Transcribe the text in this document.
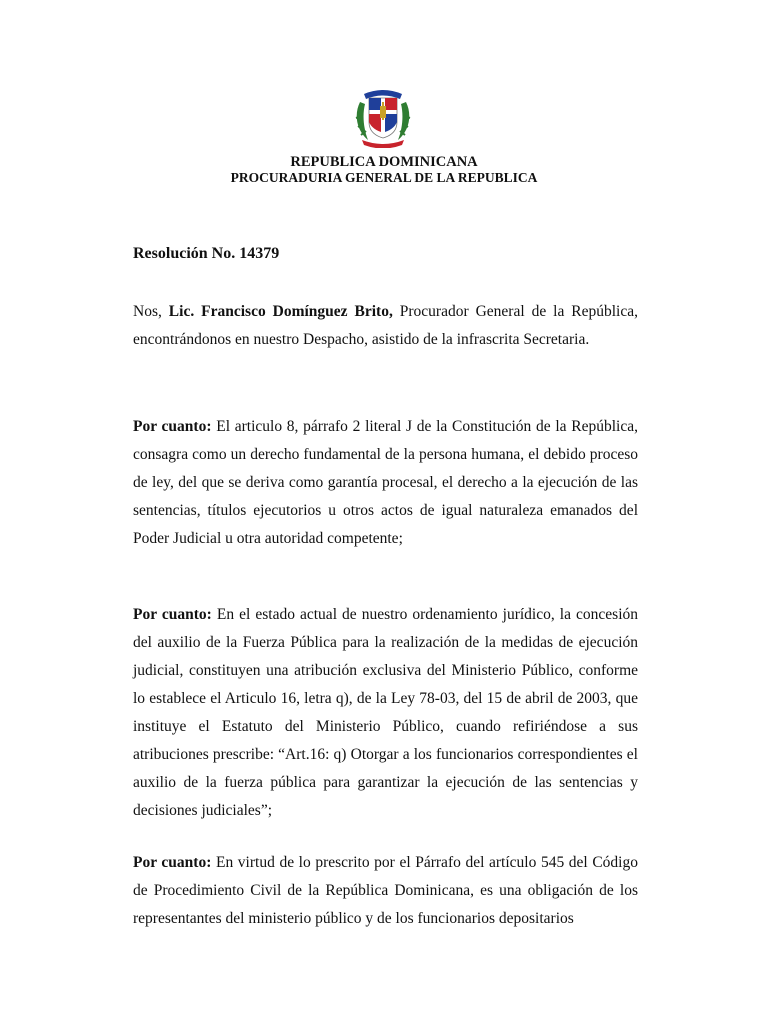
REPUBLICA DOMINICANA
PROCURADURIA GENERAL DE LA REPUBLICA
Resolución No. 14379

Nos, Lic. Francisco Domínguez Brito, Procurador General de la República, encontrándonos en nuestro Despacho, asistido de la infrascrita Secretaria.

Por cuanto: El articulo 8, párrafo 2 literal J de la Constitución de la República, consagra como un derecho fundamental de la persona humana, el debido proceso de ley, del que se deriva como garantía procesal, el derecho a la ejecución de las sentencias, títulos ejecutorios u otros actos de igual naturaleza emanados del Poder Judicial u otra autoridad competente;

Por cuanto: En el estado actual de nuestro ordenamiento jurídico, la concesión del auxilio de la Fuerza Pública para la realización de la medidas de ejecución judicial, constituyen una atribución exclusiva del Ministerio Público, conforme lo establece el Articulo 16, letra q), de la Ley 78-03, del 15 de abril de 2003, que instituye el Estatuto del Ministerio Público, cuando refiriéndose a sus atribuciones prescribe: “Art.16: q) Otorgar a los funcionarios correspondientes el auxilio de la fuerza pública para garantizar la ejecución de las sentencias y decisiones judiciales”;

Por cuanto: En virtud de lo prescrito por el Párrafo del artículo 545 del Código de Procedimiento Civil de la República Dominicana, es una obligación de los representantes del ministerio público y de los funcionarios depositarios
